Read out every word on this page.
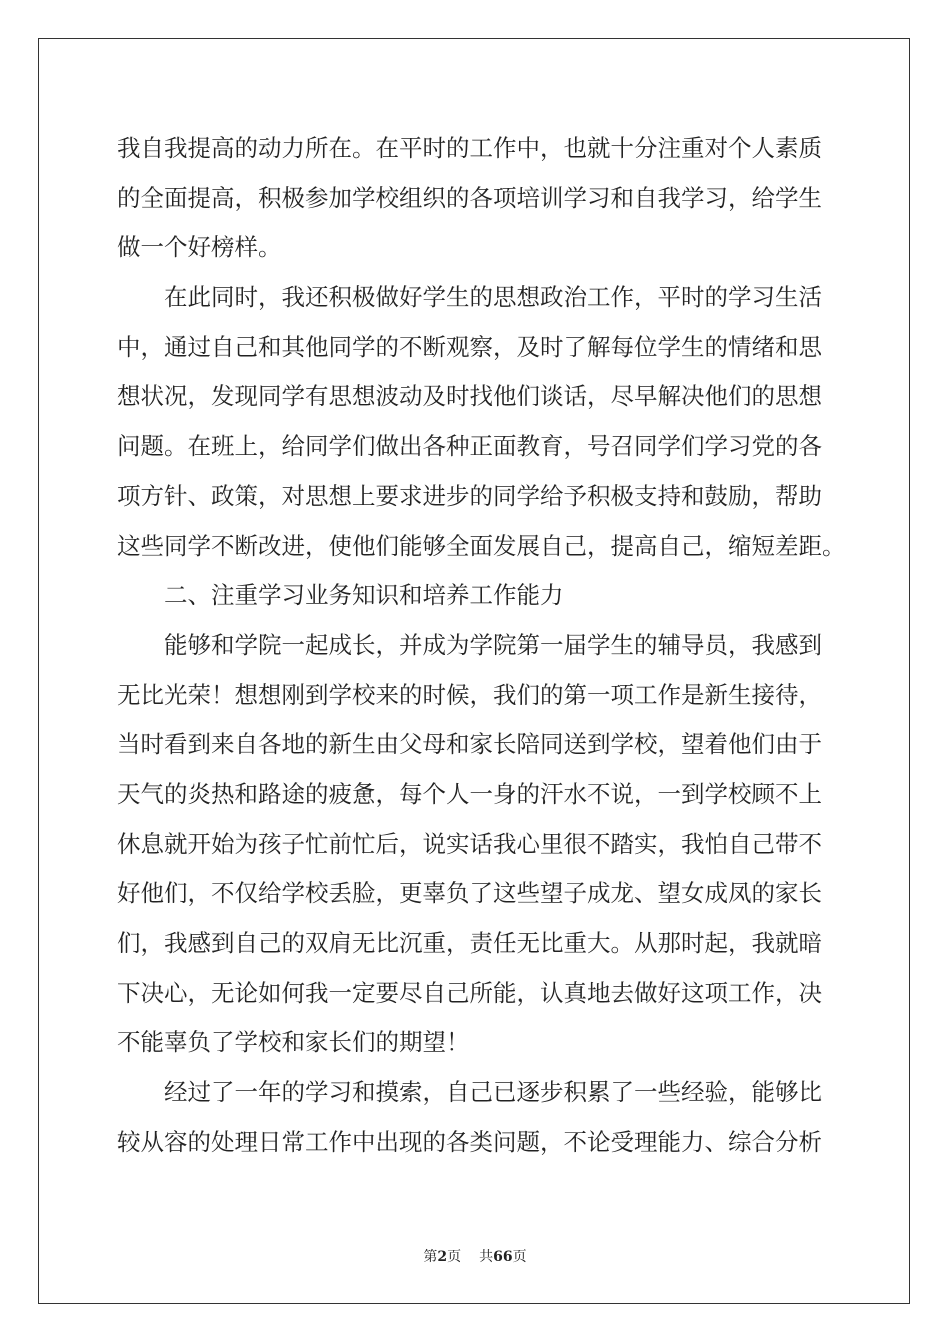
我自我提高的动力所在。在平时的工作中，也就十分注重对个人素质

的全面提高，积极参加学校组织的各项培训学习和自我学习，给学生

做一个好榜样。

在此同时，我还积极做好学生的思想政治工作，平时的学习生活

中，通过自己和其他同学的不断观察，及时了解每位学生的情绪和思

想状况，发现同学有思想波动及时找他们谈话，尽早解决他们的思想

问题。在班上，给同学们做出各种正面教育，号召同学们学习党的各

项方针、政策，对思想上要求进步的同学给予积极支持和鼓励，帮助

这些同学不断改进，使他们能够全面发展自己，提高自己，缩短差距。

二、注重学习业务知识和培养工作能力

能够和学院一起成长，并成为学院第一届学生的辅导员，我感到

无比光荣！想想刚到学校来的时候，我们的第一项工作是新生接待，

当时看到来自各地的新生由父母和家长陪同送到学校，望着他们由于

天气的炎热和路途的疲惫，每个人一身的汗水不说，一到学校顾不上

休息就开始为孩子忙前忙后，说实话我心里很不踏实，我怕自己带不

好他们，不仅给学校丢脸，更辜负了这些望子成龙、望女成凤的家长

们，我感到自己的双肩无比沉重，责任无比重大。从那时起，我就暗

下决心，无论如何我一定要尽自己所能，认真地去做好这项工作，决

不能辜负了学校和家长们的期望！

经过了一年的学习和摸索，自己已逐步积累了一些经验，能够比

较从容的处理日常工作中出现的各类问题，不论受理能力、综合分析

第2页 共66页
